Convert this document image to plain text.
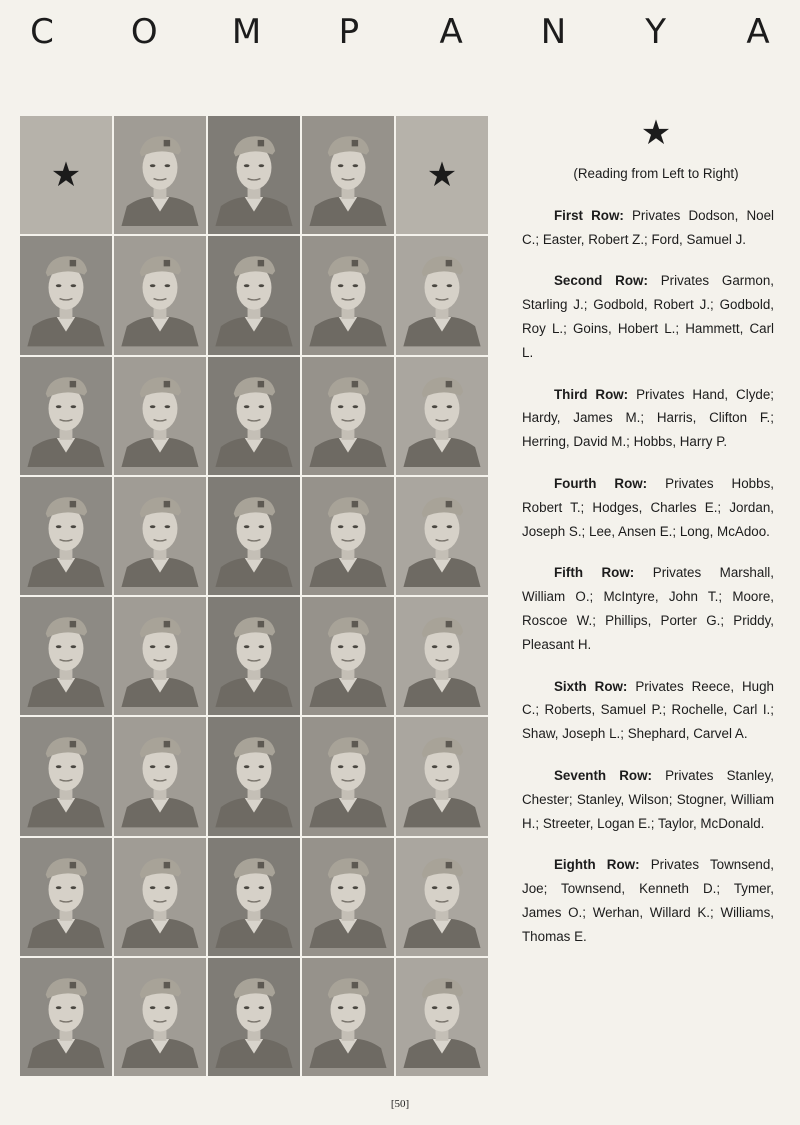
C O M P A N Y A
★	★
★
(Reading from Left to Right)
First Row: Privates Dodson, Noel C.; Easter, Robert Z.; Ford, Samuel J.
Second Row: Privates Garmon, Starling J.; Godbold, Robert J.; Godbold, Roy L.; Goins, Hobert L.; Hammett, Carl L.
Third Row: Privates Hand, Clyde; Hardy, James M.; Harris, Clifton F.; Herring, David M.; Hobbs, Harry P.
Fourth Row: Privates Hobbs, Robert T.; Hodges, Charles E.; Jordan, Joseph S.; Lee, Ansen E.; Long, McAdoo.
Fifth Row: Privates Marshall, William O.; McIntyre, John T.; Moore, Roscoe W.; Phillips, Porter G.; Priddy, Pleasant H.
Sixth Row: Privates Reece, Hugh C.; Roberts, Samuel P.; Rochelle, Carl I.; Shaw, Joseph L.; Shephard, Carvel A.
Seventh Row: Privates Stanley, Chester; Stanley, Wilson; Stogner, William H.; Streeter, Logan E.; Taylor, McDonald.
Eighth Row: Privates Townsend, Joe; Townsend, Kenneth D.; Tymer, James O.; Werhan, Willard K.; Williams, Thomas E.
[50]
